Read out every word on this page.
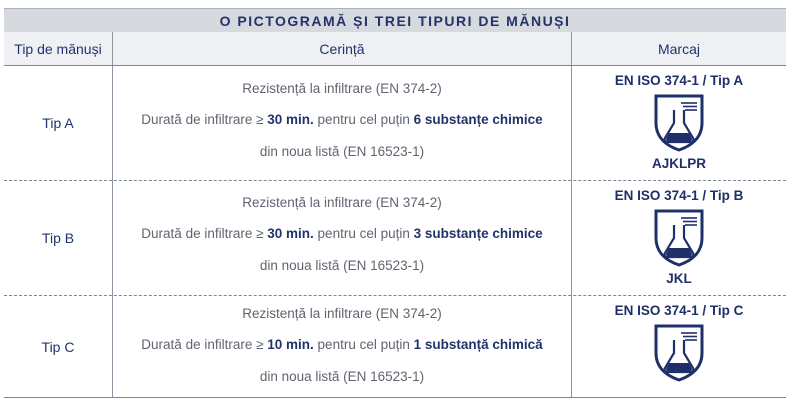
O PICTOGRAMĂ ȘI TREI TIPURI DE MĂNUȘI
Tip de mănuși	Cerință	Marcaj
Tip A
Rezistență la infiltrare (EN 374-2)
Durată de infiltrare ≥ 30 min. pentru cel puțin 6 substanțe chimice
din noua listă (EN 16523-1)
EN ISO 374-1 / Tip A
AJKLPR
Tip B
Rezistență la infiltrare (EN 374-2)
Durată de infiltrare ≥ 30 min. pentru cel puțin 3 substanțe chimice
din noua listă (EN 16523-1)
EN ISO 374-1 / Tip B
JKL
Tip C
Rezistență la infiltrare (EN 374-2)
Durată de infiltrare ≥ 10 min. pentru cel puțin 1 substanță chimică
din noua listă (EN 16523-1)
EN ISO 374-1 / Tip C
